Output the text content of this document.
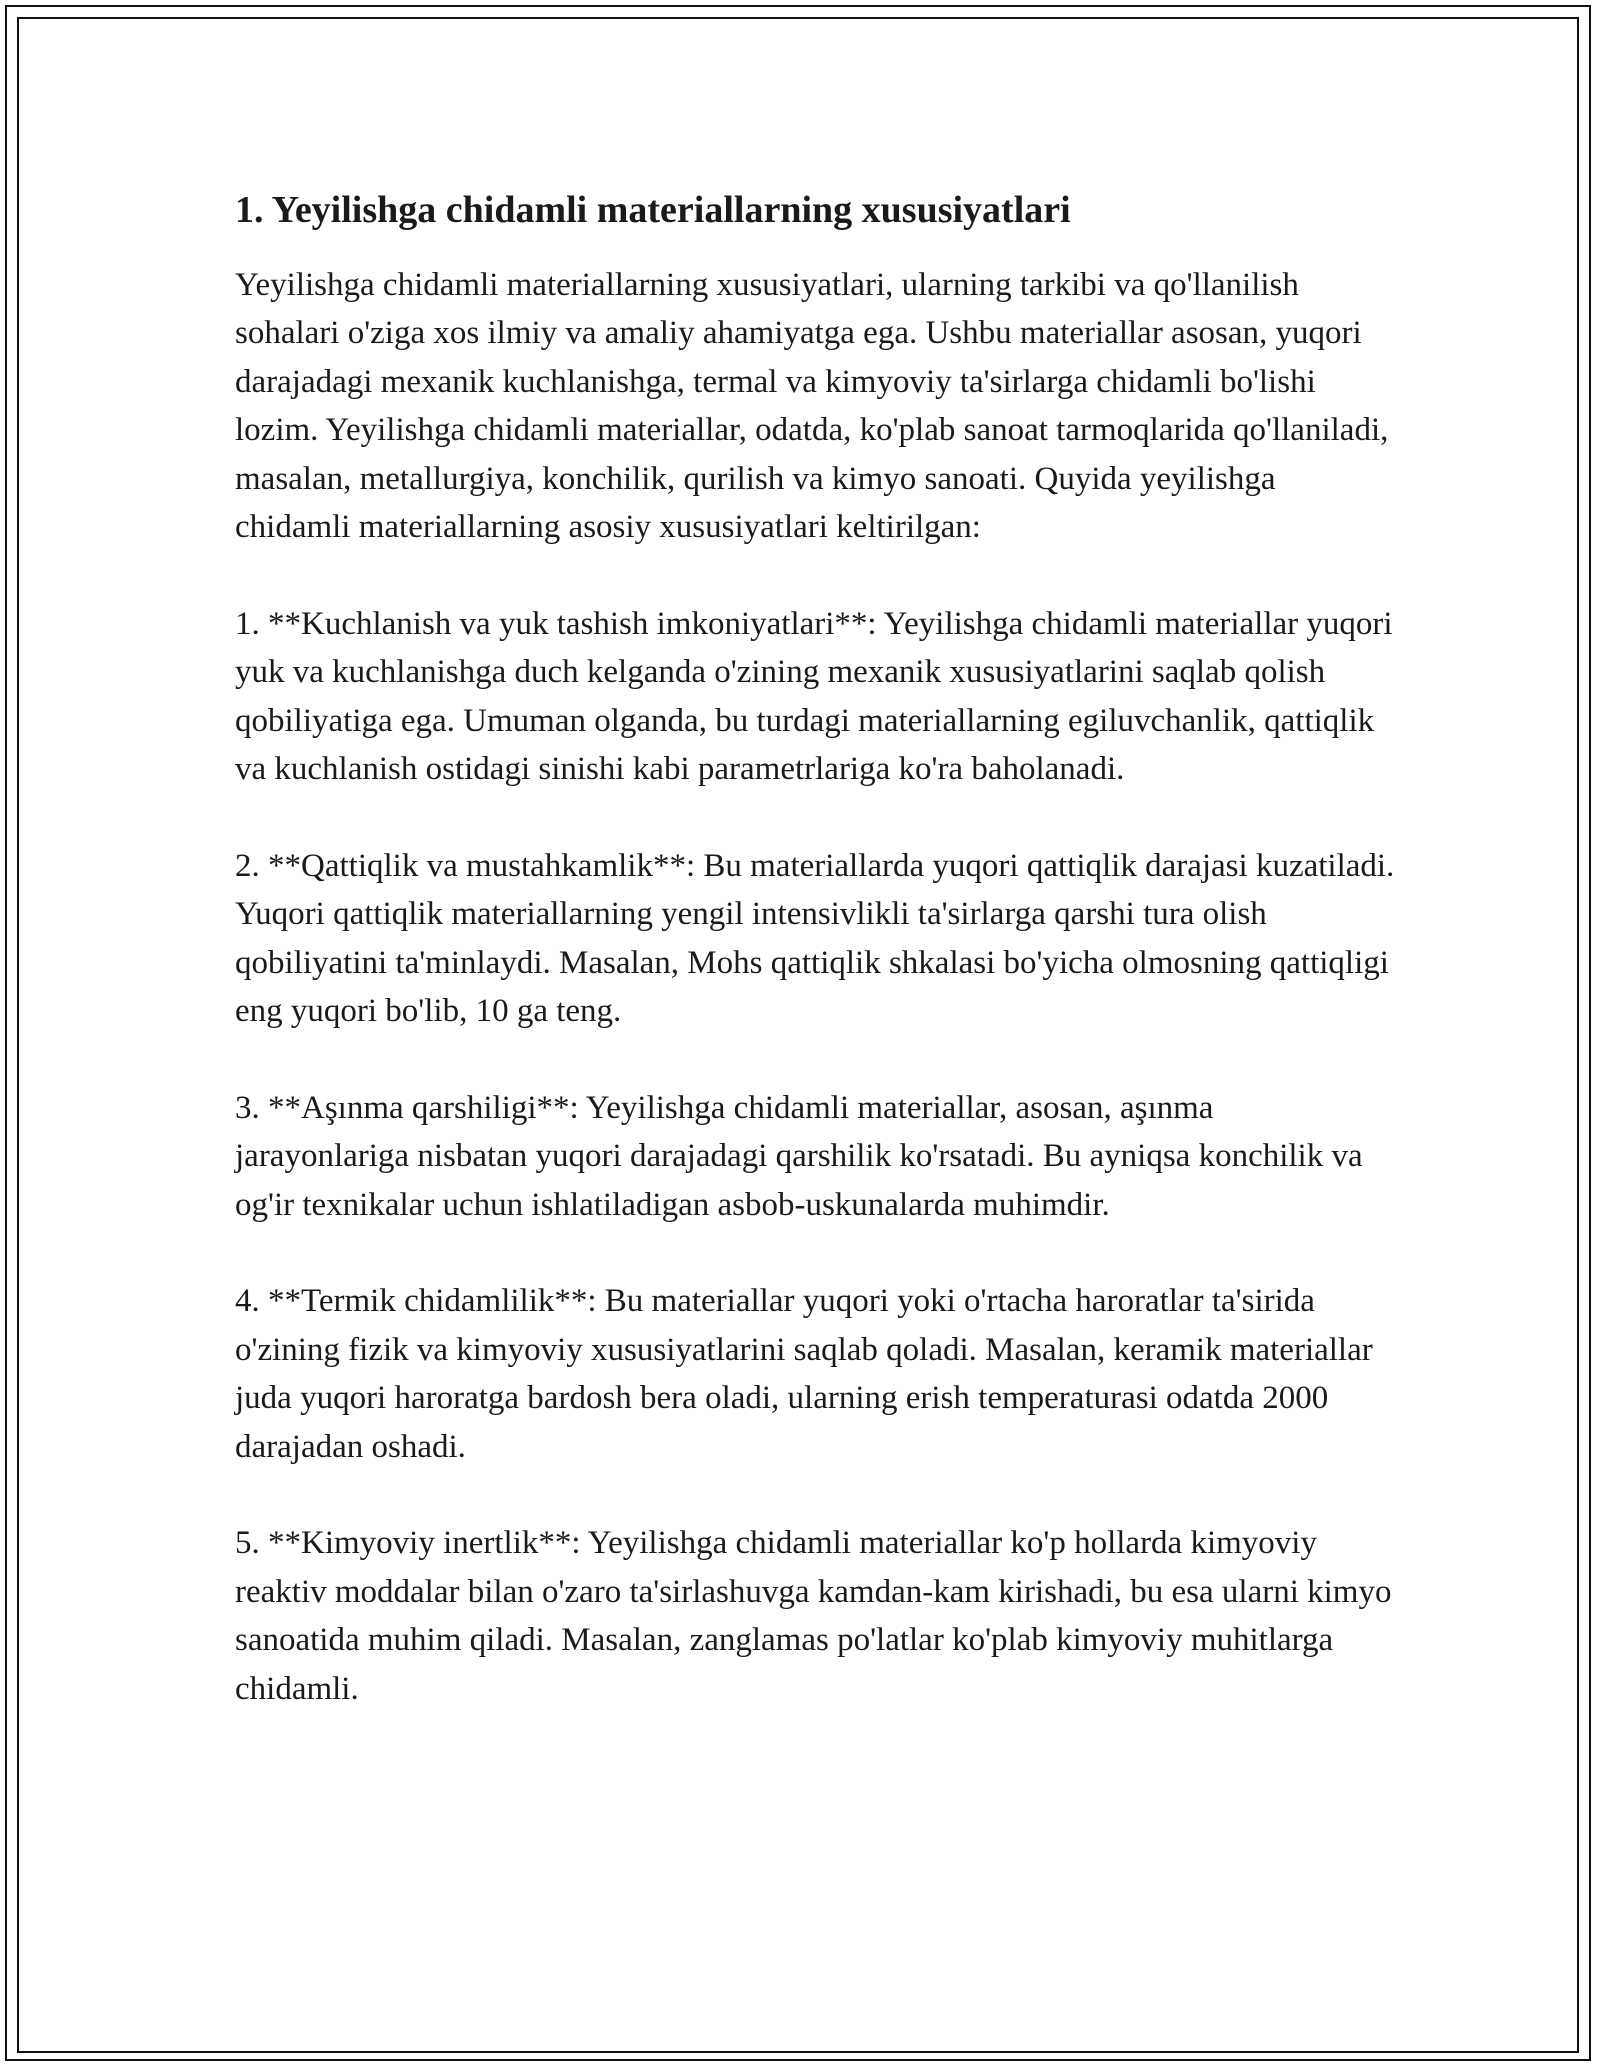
1. Yeyilishga chidamli materiallarning xususiyatlari

Yeyilishga chidamli materiallarning xususiyatlari, ularning tarkibi va qo'llanilish sohalari o'ziga xos ilmiy va amaliy ahamiyatga ega. Ushbu materiallar asosan, yuqori darajadagi mexanik kuchlanishga, termal va kimyoviy ta'sirlarga chidamli bo'lishi lozim. Yeyilishga chidamli materiallar, odatda, ko'plab sanoat tarmoqlarida qo'llaniladi, masalan, metallurgiya, konchilik, qurilish va kimyo sanoati. Quyida yeyilishga chidamli materiallarning asosiy xususiyatlari keltirilgan:

1. **Kuchlanish va yuk tashish imkoniyatlari**: Yeyilishga chidamli materiallar yuqori yuk va kuchlanishga duch kelganda o'zining mexanik xususiyatlarini saqlab qolish qobiliyatiga ega. Umuman olganda, bu turdagi materiallarning egiluvchanlik, qattiqlik va kuchlanish ostidagi sinishi kabi parametrlariga ko'ra baholanadi.

2. **Qattiqlik va mustahkamlik**: Bu materiallarda yuqori qattiqlik darajasi kuzatiladi. Yuqori qattiqlik materiallarning yengil intensivlikli ta'sirlarga qarshi tura olish qobiliyatini ta'minlaydi. Masalan, Mohs qattiqlik shkalasi bo'yicha olmosning qattiqligi eng yuqori bo'lib, 10 ga teng.

3. **Aşınma qarshiligi**: Yeyilishga chidamli materiallar, asosan, aşınma jarayonlariga nisbatan yuqori darajadagi qarshilik ko'rsatadi. Bu ayniqsa konchilik va og'ir texnikalar uchun ishlatiladigan asbob-uskunalarda muhimdir.

4. **Termik chidamlilik**: Bu materiallar yuqori yoki o'rtacha haroratlar ta'sirida o'zining fizik va kimyoviy xususiyatlarini saqlab qoladi. Masalan, keramik materiallar juda yuqori haroratga bardosh bera oladi, ularning erish temperaturasi odatda 2000 darajadan oshadi.

5. **Kimyoviy inertlik**: Yeyilishga chidamli materiallar ko'p hollarda kimyoviy reaktiv moddalar bilan o'zaro ta'sirlashuvga kamdan-kam kirishadi, bu esa ularni kimyo sanoatida muhim qiladi. Masalan, zanglamas po'latlar ko'plab kimyoviy muhitlarga chidamli.
